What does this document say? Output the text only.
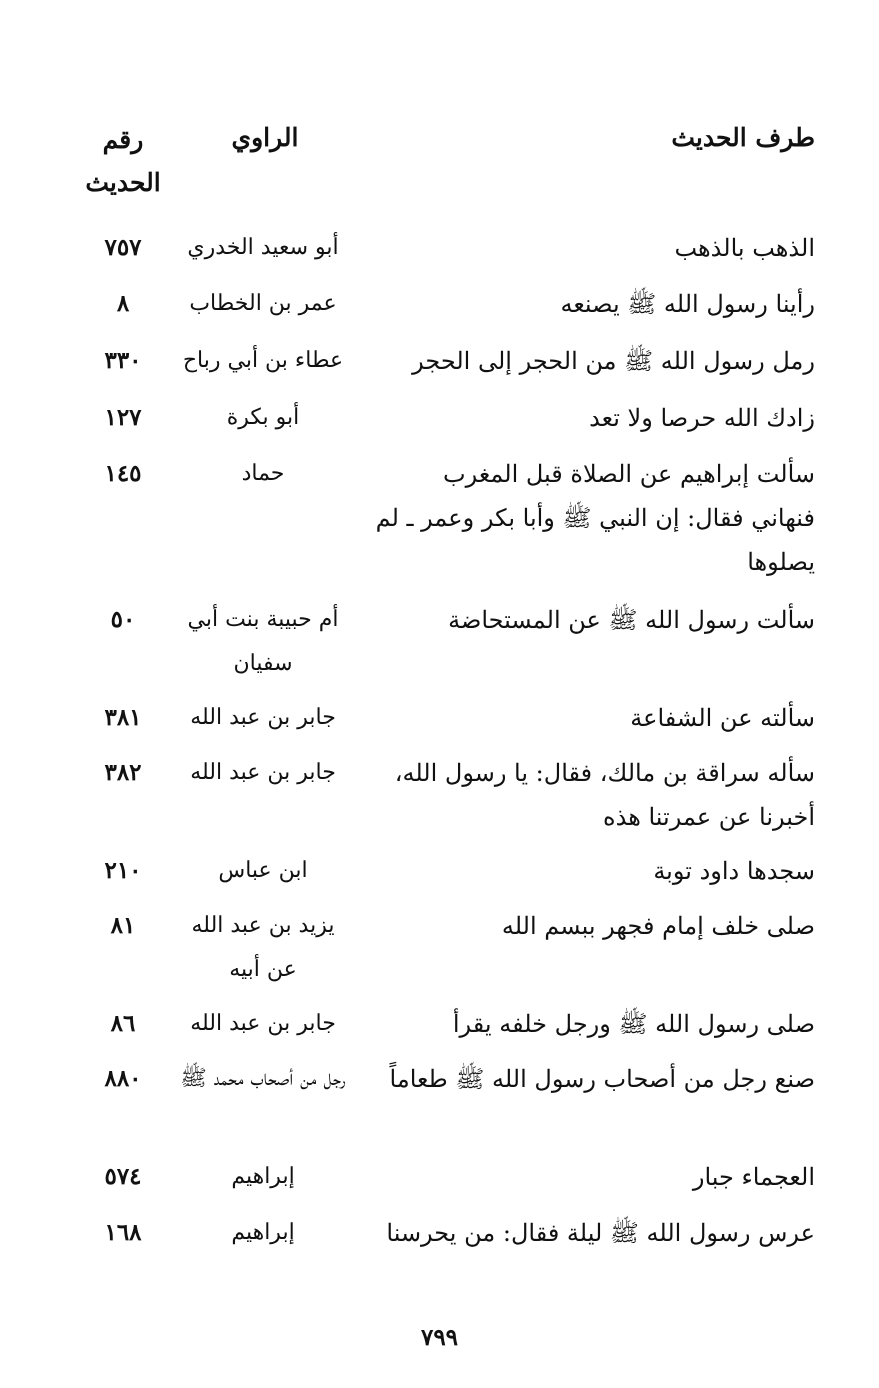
طرف الحديث
الراوي
رقم الحديث
الذهب بالذهب
أبو سعيد الخدري
٧٥٧
رأينا رسول الله ﷺ يصنعه
عمر بن الخطاب
٨
رمل رسول الله ﷺ من الحجر إلى الحجر
عطاء بن أبي رباح
٣٣٠
زادك الله حرصا ولا تعد
أبو بكرة
١٢٧
سألت إبراهيم عن الصلاة قبل المغرب فنهاني فقال: إن النبي ﷺ وأبا بكر وعمر ـ لم يصلوها
حماد
١٤٥
سألت رسول الله ﷺ عن المستحاضة
أم حبيبة بنت أبي سفيان
٥٠
سألته عن الشفاعة
جابر بن عبد الله
٣٨١
سأله سراقة بن مالك، فقال: يا رسول الله، أخبرنا عن عمرتنا هذه
جابر بن عبد الله
٣٨٢
سجدها داود توبة
ابن عباس
٢١٠
صلى خلف إمام فجهر ببسم الله
يزيد بن عبد الله عن أبيه
٨١
صلى رسول الله ﷺ ورجل خلفه يقرأ
جابر بن عبد الله
٨٦
صنع رجل من أصحاب رسول الله ﷺ طعاماً
رجل من أصحاب محمد ﷺ
٨٨٠
العجماء جبار
إبراهيم
٥٧٤
عرس رسول الله ﷺ ليلة فقال: من يحرسنا
إبراهيم
١٦٨
٧٩٩
